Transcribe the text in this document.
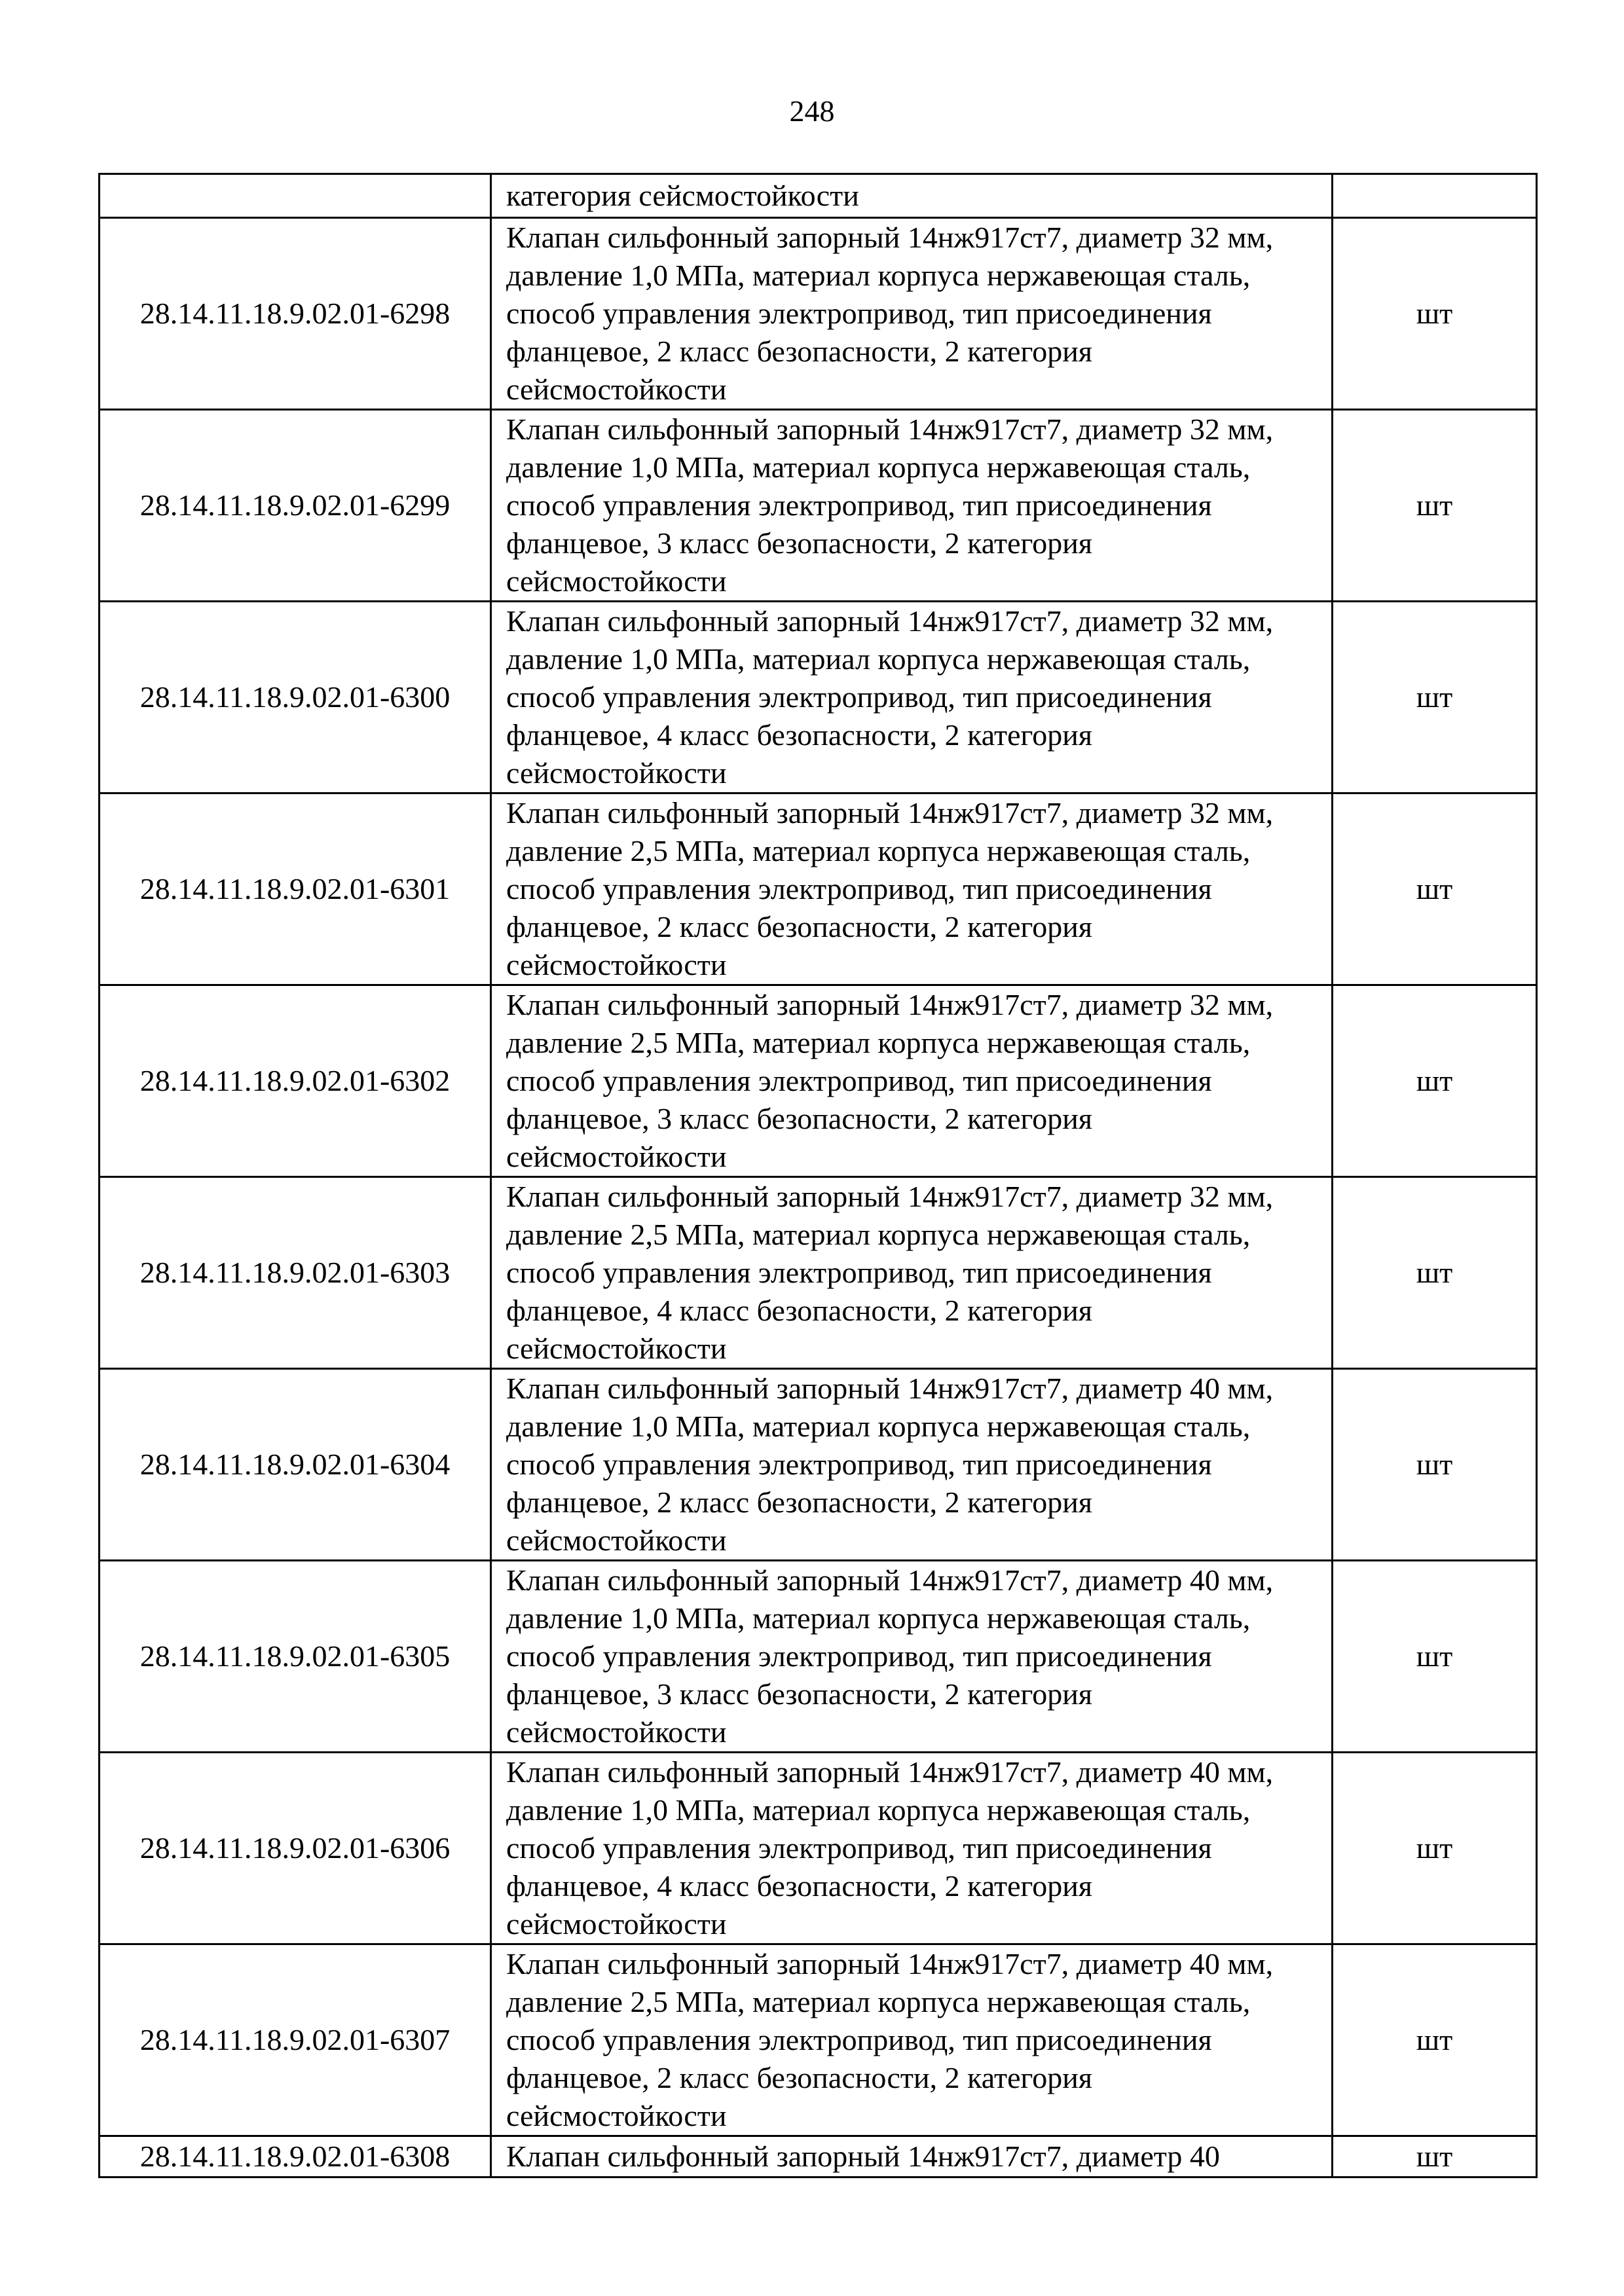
248
	категория сейсмостойкости	
28.14.11.18.9.02.01-6298	Клапан сильфонный запорный 14нж917ст7, диаметр 32 мм, давление 1,0 МПа, материал корпуса нержавеющая сталь, способ управления электропривод, тип присоединения фланцевое, 2 класс безопасности, 2 категория сейсмостойкости	шт
28.14.11.18.9.02.01-6299	Клапан сильфонный запорный 14нж917ст7, диаметр 32 мм, давление 1,0 МПа, материал корпуса нержавеющая сталь, способ управления электропривод, тип присоединения фланцевое, 3 класс безопасности, 2 категория сейсмостойкости	шт
28.14.11.18.9.02.01-6300	Клапан сильфонный запорный 14нж917ст7, диаметр 32 мм, давление 1,0 МПа, материал корпуса нержавеющая сталь, способ управления электропривод, тип присоединения фланцевое, 4 класс безопасности, 2 категория сейсмостойкости	шт
28.14.11.18.9.02.01-6301	Клапан сильфонный запорный 14нж917ст7, диаметр 32 мм, давление 2,5 МПа, материал корпуса нержавеющая сталь, способ управления электропривод, тип присоединения фланцевое, 2 класс безопасности, 2 категория сейсмостойкости	шт
28.14.11.18.9.02.01-6302	Клапан сильфонный запорный 14нж917ст7, диаметр 32 мм, давление 2,5 МПа, материал корпуса нержавеющая сталь, способ управления электропривод, тип присоединения фланцевое, 3 класс безопасности, 2 категория сейсмостойкости	шт
28.14.11.18.9.02.01-6303	Клапан сильфонный запорный 14нж917ст7, диаметр 32 мм, давление 2,5 МПа, материал корпуса нержавеющая сталь, способ управления электропривод, тип присоединения фланцевое, 4 класс безопасности, 2 категория сейсмостойкости	шт
28.14.11.18.9.02.01-6304	Клапан сильфонный запорный 14нж917ст7, диаметр 40 мм, давление 1,0 МПа, материал корпуса нержавеющая сталь, способ управления электропривод, тип присоединения фланцевое, 2 класс безопасности, 2 категория сейсмостойкости	шт
28.14.11.18.9.02.01-6305	Клапан сильфонный запорный 14нж917ст7, диаметр 40 мм, давление 1,0 МПа, материал корпуса нержавеющая сталь, способ управления электропривод, тип присоединения фланцевое, 3 класс безопасности, 2 категория сейсмостойкости	шт
28.14.11.18.9.02.01-6306	Клапан сильфонный запорный 14нж917ст7, диаметр 40 мм, давление 1,0 МПа, материал корпуса нержавеющая сталь, способ управления электропривод, тип присоединения фланцевое, 4 класс безопасности, 2 категория сейсмостойкости	шт
28.14.11.18.9.02.01-6307	Клапан сильфонный запорный 14нж917ст7, диаметр 40 мм, давление 2,5 МПа, материал корпуса нержавеющая сталь, способ управления электропривод, тип присоединения фланцевое, 2 класс безопасности, 2 категория сейсмостойкости	шт
28.14.11.18.9.02.01-6308	Клапан сильфонный запорный 14нж917ст7, диаметр 40	шт
